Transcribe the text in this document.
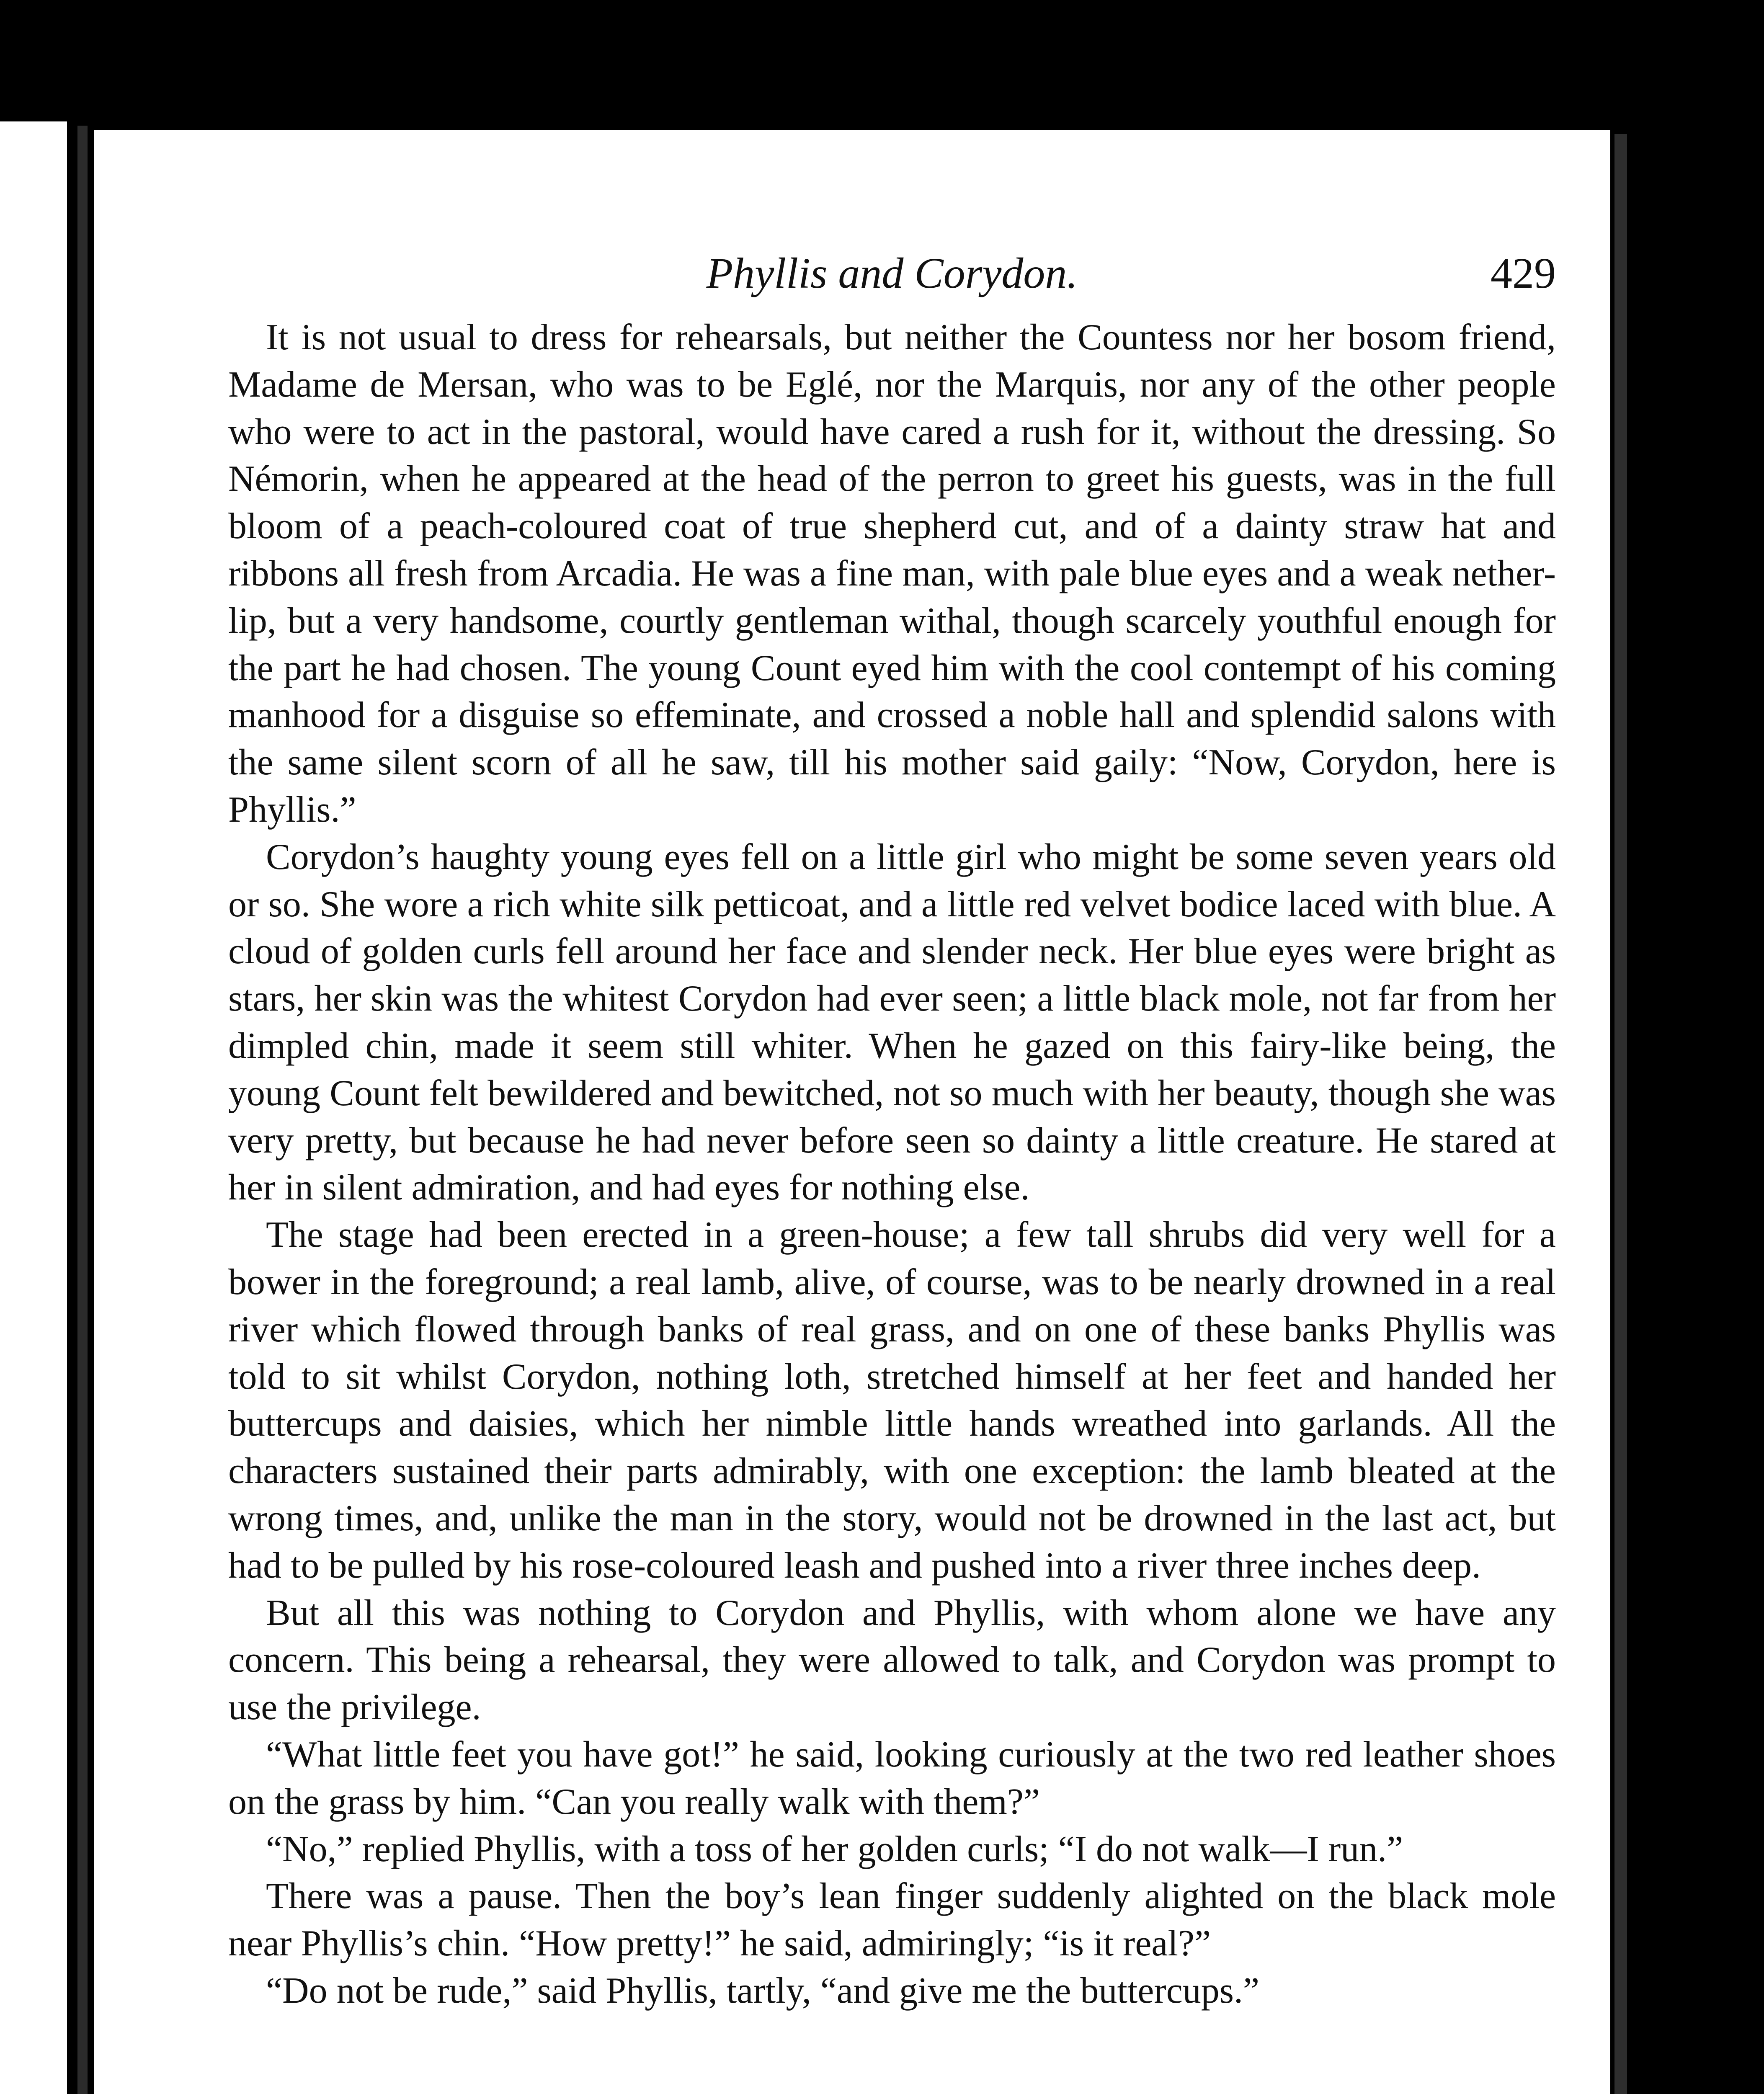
Phyllis and Corydon.	429

It is not usual to dress for rehearsals, but neither the Countess nor her bosom friend, Madame de Mersan, who was to be Eglé, nor the Marquis, nor any of the other people who were to act in the pastoral, would have cared a rush for it, without the dressing. So Némorin, when he appeared at the head of the perron to greet his guests, was in the full bloom of a peach-coloured coat of true shepherd cut, and of a dainty straw hat and ribbons all fresh from Arcadia. He was a fine man, with pale blue eyes and a weak nether-lip, but a very handsome, courtly gentleman withal, though scarcely youthful enough for the part he had chosen. The young Count eyed him with the cool contempt of his coming manhood for a disguise so effeminate, and crossed a noble hall and splendid salons with the same silent scorn of all he saw, till his mother said gaily: “Now, Corydon, here is Phyllis.”

Corydon’s haughty young eyes fell on a little girl who might be some seven years old or so. She wore a rich white silk petticoat, and a little red velvet bodice laced with blue. A cloud of golden curls fell around her face and slender neck. Her blue eyes were bright as stars, her skin was the whitest Corydon had ever seen; a little black mole, not far from her dimpled chin, made it seem still whiter. When he gazed on this fairy-like being, the young Count felt bewildered and bewitched, not so much with her beauty, though she was very pretty, but because he had never before seen so dainty a little creature. He stared at her in silent admiration, and had eyes for nothing else.

The stage had been erected in a green-house; a few tall shrubs did very well for a bower in the foreground; a real lamb, alive, of course, was to be nearly drowned in a real river which flowed through banks of real grass, and on one of these banks Phyllis was told to sit whilst Corydon, nothing loth, stretched himself at her feet and handed her buttercups and daisies, which her nimble little hands wreathed into garlands. All the characters sustained their parts admirably, with one exception: the lamb bleated at the wrong times, and, unlike the man in the story, would not be drowned in the last act, but had to be pulled by his rose-coloured leash and pushed into a river three inches deep.

But all this was nothing to Corydon and Phyllis, with whom alone we have any concern. This being a rehearsal, they were allowed to talk, and Corydon was prompt to use the privilege.

“What little feet you have got!” he said, looking curiously at the two red leather shoes on the grass by him. “Can you really walk with them?”

“No,” replied Phyllis, with a toss of her golden curls; “I do not walk—I run.”

There was a pause. Then the boy’s lean finger suddenly alighted on the black mole near Phyllis’s chin. “How pretty!” he said, admiringly; “is it real?”

“Do not be rude,” said Phyllis, tartly, “and give me the buttercups.”
